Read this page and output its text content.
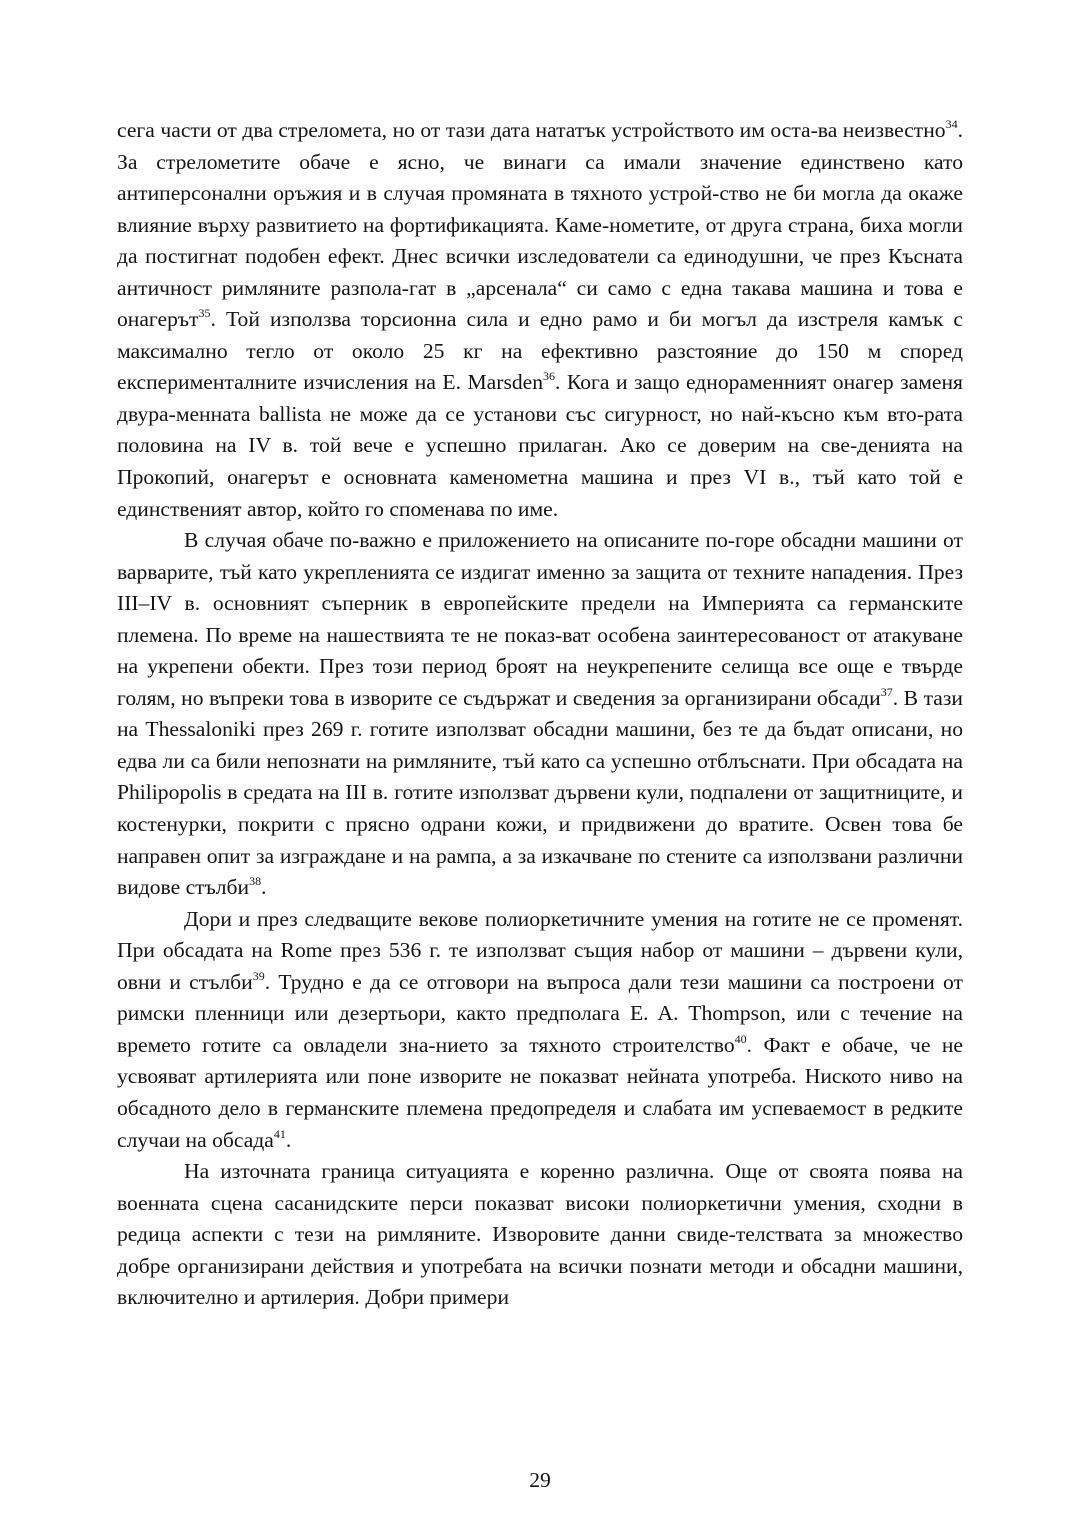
сега части от два стреломета, но от тази дата нататък устройството им оста-ва неизвестно$^{34}$. За стрелометите обаче е ясно, че винаги са имали значение единствено като антиперсонални оръжия и в случая промяната в тяхното устрой-ство не би могла да окаже влияние върху развитието на фортификацията. Каме-нометите, от друга страна, биха могли да постигнат подобен ефект. Днес всички изследователи са единодушни, че през Късната античност римляните разпола-гат в „арсенала“ си само с една такава машина и това е онагерът$^{35}$. Той използва торсионна сила и едно рамо и би могъл да изстреля камък с максимално тегло от около 25 кг на ефективно разстояние до 150 м според експерименталните изчисления на E. Marsden$^{36}$. Кога и защо еднораменният онагер заменя двура-менната ballista не може да се установи със сигурност, но най-късно към вто-рата половина на IV в. той вече е успешно прилаган. Ако се доверим на све-денията на Прокопий, онагерът е основната каменометна машина и през VI в., тъй като той е единственият автор, който го споменава по име.

В случая обаче по-важно е приложението на описаните по-горе обсадни машини от варварите, тъй като укрепленията се издигат именно за защита от техните нападения. През III–IV в. основният съперник в европейските предели на Империята са германските племена. По време на нашествията те не показ-ват особена заинтересованост от атакуване на укрепени обекти. През този период броят на неукрепените селища все още е твърде голям, но въпреки това в изворите се съдържат и сведения за организирани обсади$^{37}$. В тази на Thessaloniki през 269 г. готите използват обсадни машини, без те да бъдат описани, но едва ли са били непознати на римляните, тъй като са успешно отблъснати. При обсадата на Philipopolis в средата на III в. готите използват дървени кули, подпалени от защитниците, и костенурки, покрити с прясно одрани кожи, и придвижени до вратите. Освен това бе направен опит за изграждане и на рампа, а за изкачване по стените са използвани различни видове стълби$^{38}$.

Дори и през следващите векове полиоркетичните умения на готите не се променят. При обсадата на Rome през 536 г. те използват същия набор от машини – дървени кули, овни и стълби$^{39}$. Трудно е да се отговори на въпроса дали тези машини са построени от римски пленници или дезертьори, както предполага E. A. Thompson, или с течение на времето готите са овладели зна-нието за тяхното строителство$^{40}$. Факт е обаче, че не усвояват артилерията или поне изворите не показват нейната употреба. Ниското ниво на обсадното дело в германските племена предопределя и слабата им успеваемост в редките случаи на обсада$^{41}$.

На източната граница ситуацията е коренно различна. Още от своята поява на военната сцена сасанидските перси показват високи полиоркетични умения, сходни в редица аспекти с тези на римляните. Изворовите данни свиде-телствата за множество добре организирани действия и употребата на всички познати методи и обсадни машини, включително и артилерия. Добри примери

29
